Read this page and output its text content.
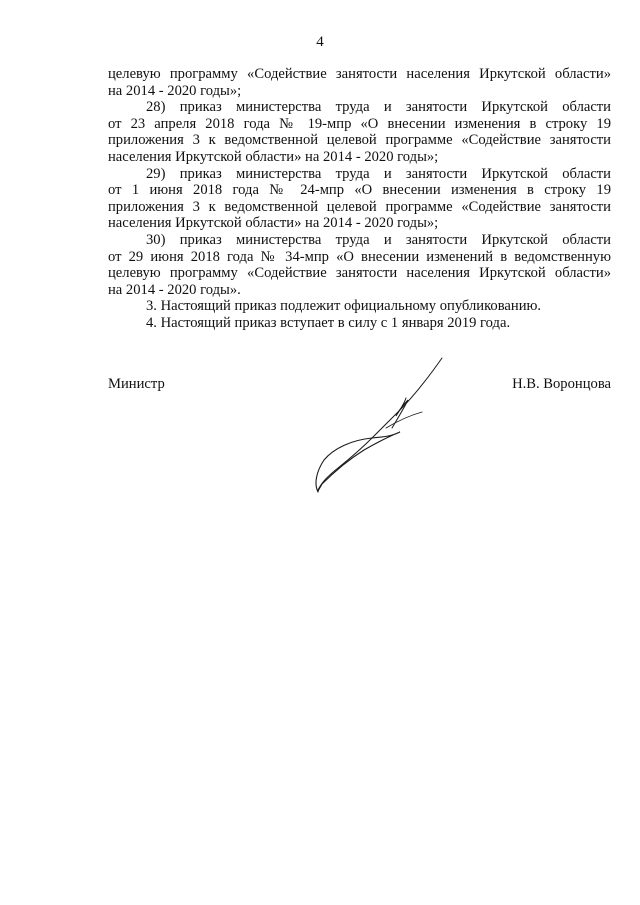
4

целевую программу «Содействие занятости населения Иркутской области»
на 2014 - 2020 годы»;

28) приказ министерства труда и занятости Иркутской области
от 23 апреля 2018 года № 19-мпр «О внесении изменения в строку 19
приложения 3 к ведомственной целевой программе «Содействие занятости
населения Иркутской области» на 2014 - 2020 годы»;

29) приказ министерства труда и занятости Иркутской области
от 1 июня 2018 года № 24-мпр «О внесении изменения в строку 19
приложения 3 к ведомственной целевой программе «Содействие занятости
населения Иркутской области» на 2014 - 2020 годы»;

30) приказ министерства труда и занятости Иркутской области
от 29 июня 2018 года № 34-мпр «О внесении изменений в ведомственную
целевую программу «Содействие занятости населения Иркутской области»
на 2014 - 2020 годы».

3. Настоящий приказ подлежит официальному опубликованию.

4. Настоящий приказ вступает в силу с 1 января 2019 года.

Министр	Н.В. Воронцова
